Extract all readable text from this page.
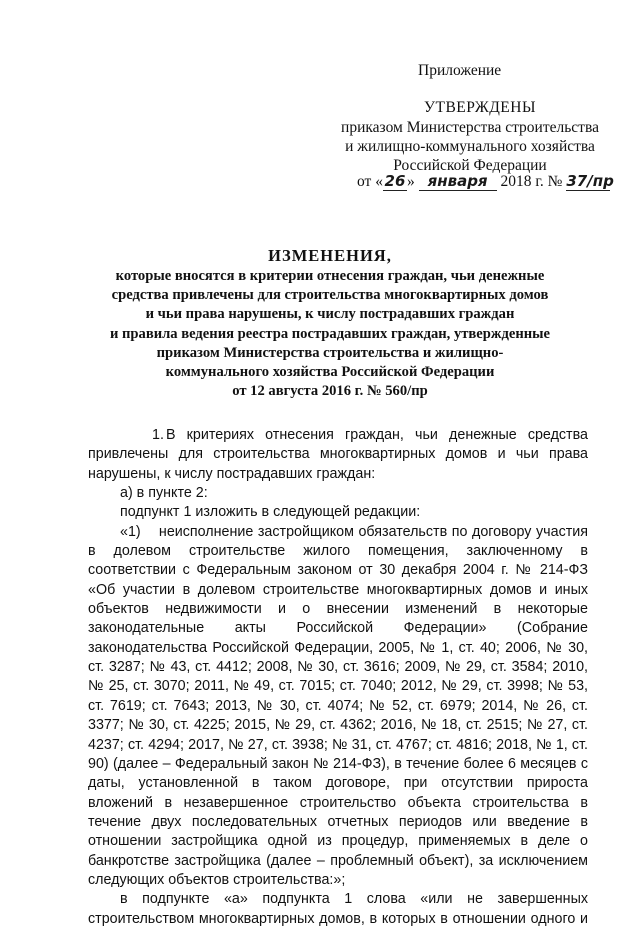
Приложение
УТВЕРЖДЕНЫ
приказом Министерства строительства
и жилищно-коммунального хозяйства
Российской Федерации
от « 26 » января 2018 г. № 37/пр
ИЗМЕНЕНИЯ,
которые вносятся в критерии отнесения граждан, чьи денежные
средства привлечены для строительства многоквартирных домов
и чьи права нарушены, к числу пострадавших граждан
и правила ведения реестра пострадавших граждан, утвержденные
приказом Министерства строительства и жилищно-
коммунального хозяйства Российской Федерации
от 12 августа 2016 г. № 560/пр

1. В критериях отнесения граждан, чьи денежные средства привлечены для строительства многоквартирных домов и чьи права нарушены, к числу пострадавших граждан:

а) в пункте 2:

подпункт 1 изложить в следующей редакции:

«1) неисполнение застройщиком обязательств по договору участия в долевом строительстве жилого помещения, заключенному в соответствии с Федеральным законом от 30 декабря 2004 г. № 214-ФЗ «Об участии в долевом строительстве многоквартирных домов и иных объектов недвижимости и о внесении изменений в некоторые законодательные акты Российской Федерации» (Собрание законодательства Российской Федерации, 2005, № 1, ст. 40; 2006, № 30, ст. 3287; № 43, ст. 4412; 2008, № 30, ст. 3616; 2009, № 29, ст. 3584; 2010, № 25, ст. 3070; 2011, № 49, ст. 7015; ст. 7040; 2012, № 29, ст. 3998; № 53, ст. 7619; ст. 7643; 2013, № 30, ст. 4074; № 52, ст. 6979; 2014, № 26, ст. 3377; № 30, ст. 4225; 2015, № 29, ст. 4362; 2016, № 18, ст. 2515; № 27, ст. 4237; ст. 4294; 2017, № 27, ст. 3938; № 31, ст. 4767; ст. 4816; 2018, № 1, ст. 90) (далее – Федеральный закон № 214-ФЗ), в течение более 6 месяцев с даты, установленной в таком договоре, при отсутствии прироста вложений в незавершенное строительство объекта строительства в течение двух последовательных отчетных периодов или введение в отношении застройщика одной из процедур, применяемых в деле о банкротстве застройщика (далее – проблемный объект), за исключением следующих объектов строительства:»;

в подпункте «а» подпункта 1 слова «или не завершенных строительством многоквартирных домов, в которых в отношении одного и
